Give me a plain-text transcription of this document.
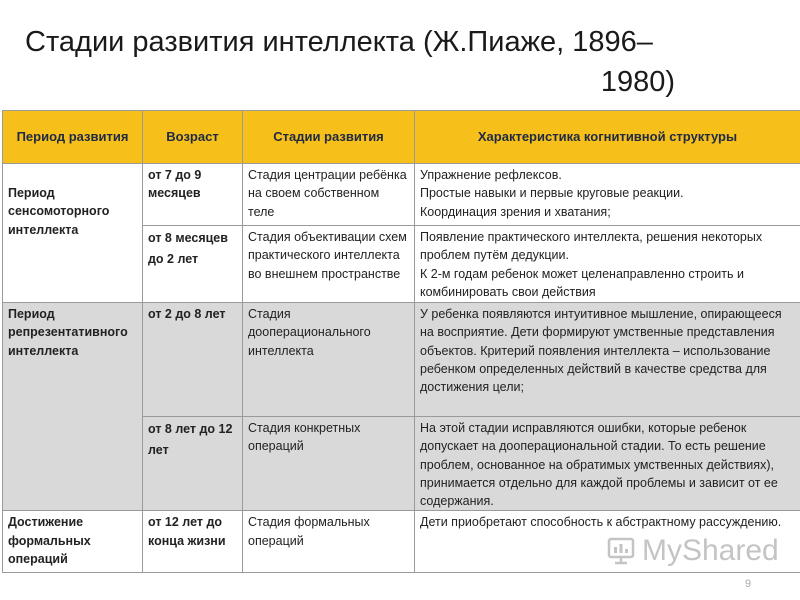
Стадии развития интеллекта (Ж.Пиаже, 1896–
1980)
Период развития	Возраст	Стадии развития	Характеристика когнитивной структуры
Период сенсомоторного интеллекта	от 7 до 9 месяцев	Стадия центрации ребёнка на своем собственном теле	Упражнение рефлексов.
Простые навыки и первые круговые реакции.
Координация зрения и хватания;
	от 8 месяцев до 2 лет	Стадия объективации схем практического интеллекта во внешнем пространстве	Появление практического интеллекта, решения некоторых проблем путём дедукции.
К 2-м годам ребенок может целенаправленно строить и комбинировать свои действия
Период репрезентативного интеллекта	от 2 до 8 лет	Стадия дооперационального интеллекта	У ребенка появляются интуитивное мышление, опирающееся на восприятие. Дети формируют умственные представления объектов. Критерий появления интеллекта – использование ребенком определенных действий в качестве средства для достижения цели;
	от 8 лет до 12 лет	Стадия конкретных операций	На этой стадии исправляются ошибки, которые ребенок допускает на дооперациональной стадии. То есть решение проблем, основанное на обратимых умственных действиях), принимается отдельно для каждой проблемы и зависит от ее содержания.
Достижение формальных операций	от 12 лет до конца жизни	Стадия формальных операций	Дети приобретают способность к абстрактному рассуждению.
MyShared
9
